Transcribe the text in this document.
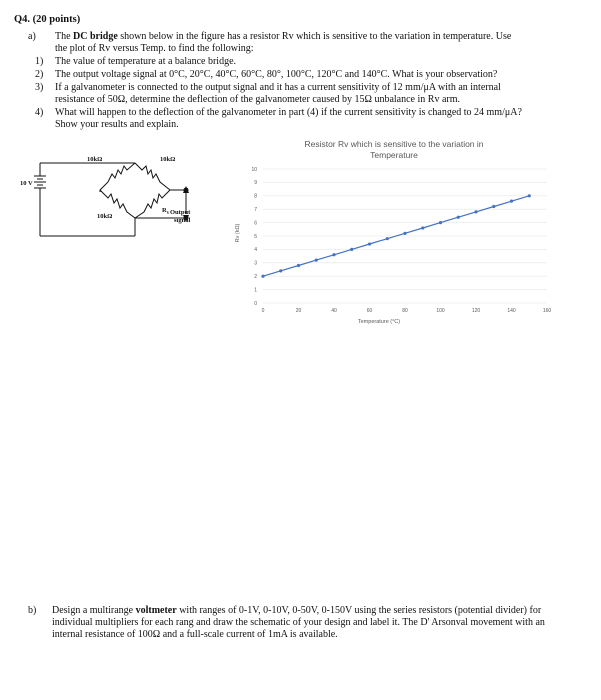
Q4. (20 points)
a) The DC bridge shown below in the figure has a resistor Rv which is sensitive to the variation in temperature. Use
the plot of Rv versus Temp. to find the following:
1) The value of temperature at a balance bridge.
2) The output voltage signal at 0°C, 20°C, 40°C, 60°C, 80°, 100°C, 120°C and 140°C. What is your observation?
3) If a galvanometer is connected to the output signal and it has a current sensitivity of 12 mm/μA with an internal
resistance of 50Ω, determine the deflection of the galvanometer caused by 15Ω unbalance in Rv arm.
4) What will happen to the deflection of the galvanometer in part (4) if the current sensitivity is changed to 24 mm/μA?
Show your results and explain.
10kΩ	10kΩ
10kΩ
10 V
$R_v$ Output
signal
Resistor Rv which is sensitive to the variation in
Temperature
Temperature (°C)
Rv (kΩ)
0
1
2
3
4
5
6
7
8
9
10
0	20	40	60	80	100	120	140	160
b) Design a multirange voltmeter with ranges of 0-1V, 0-10V, 0-50V, 0-150V using the series resistors (potential divider) for individual multipliers for each rang and draw the schematic of your design and label it. The D' Arsonval movement with an internal resistance of 100Ω and a full-scale current of 1mA is available.
